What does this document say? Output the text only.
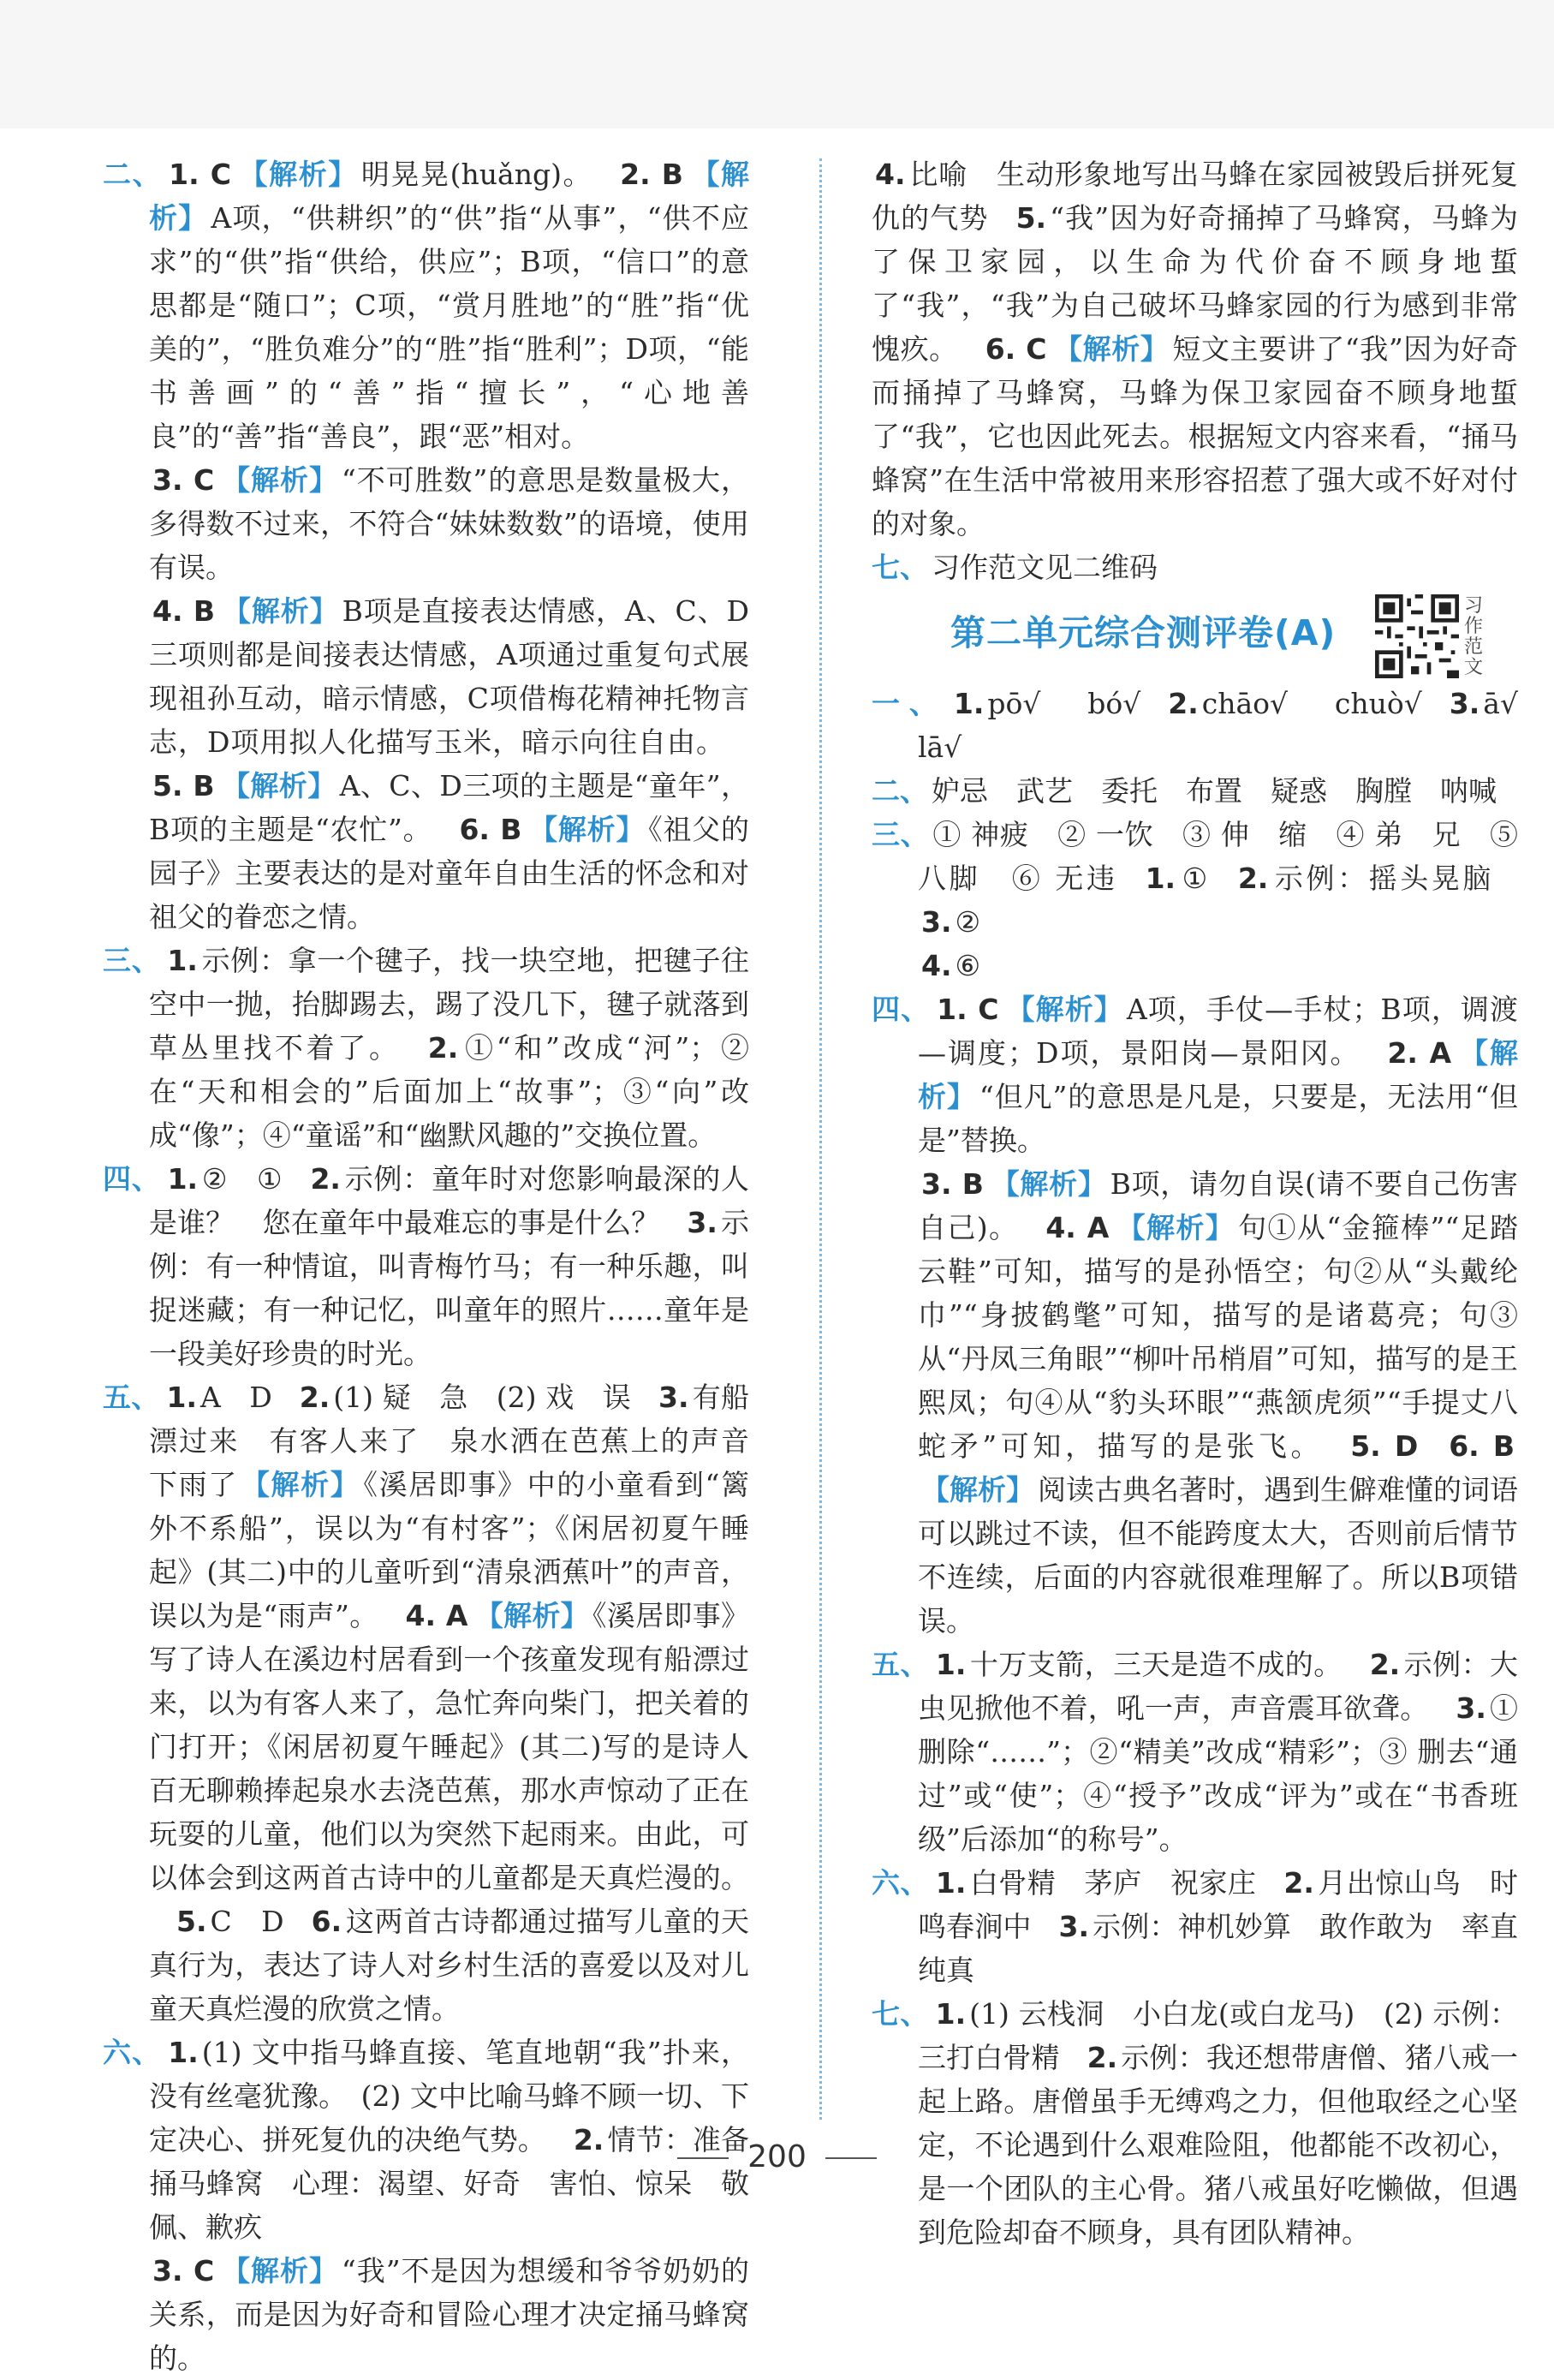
二、 1. C 【解析】 明晃晃(huǎng)。 2. B 【解析】 A项，“供耕织”的“供”指“从事”，“供不应求”的“供”指“供给，供应”；B项，“信口”的意思都是“随口”；C项，“赏月胜地”的“胜”指“优美的”，“胜负难分”的“胜”指“胜利”；D项，“能书善画”的“善”指“擅长”，“心地善良”的“善”指“善良”，跟“恶”相对。
3. C 【解析】 “不可胜数”的意思是数量极大，多得数不过来，不符合“妹妹数数”的语境，使用有误。
4. B 【解析】 B项是直接表达情感，A、C、D三项则都是间接表达情感，A项通过重复句式展现祖孙互动，暗示情感，C项借梅花精神托物言志，D项用拟人化描写玉米，暗示向往自由。5. B 【解析】 A、C、D三项的主题是“童年”，B项的主题是“农忙”。 6. B 【解析】 《祖父的园子》主要表达的是对童年自由生活的怀念和对祖父的眷恋之情。

三、 1. 示例：拿一个毽子，找一块空地，把毽子往空中一抛，抬脚踢去，踢了没几下，毽子就落到草丛里找不着了。 2. ①“和”改成“河”；② 在“天和相会的”后面加上“故事”；③“向”改成“像”；④“童谣”和“幽默风趣的”交换位置。

四、 1. ②　① 2. 示例：童年时对您影响最深的人是谁？　您在童年中最难忘的事是什么？ 3. 示例：有一种情谊，叫青梅竹马；有一种乐趣，叫捉迷藏；有一种记忆，叫童年的照片……童年是一段美好珍贵的时光。

五、 1. A　D 2. (1) 疑　急　(2) 戏　误 3. 有船漂过来　有客人来了　泉水洒在芭蕉上的声音　下雨了 【解析】 《溪居即事》中的小童看到“篱外不系船”，误以为“有村客”；《闲居初夏午睡起》(其二)中的儿童听到“清泉洒蕉叶”的声音，误以为是“雨声”。 4. A 【解析】 《溪居即事》写了诗人在溪边村居看到一个孩童发现有船漂过来，以为有客人来了，急忙奔向柴门，把关着的门打开；《闲居初夏午睡起》(其二)写的是诗人百无聊赖捧起泉水去浇芭蕉，那水声惊动了正在玩耍的儿童，他们以为突然下起雨来。由此，可以体会到这两首古诗中的儿童都是天真烂漫的。5. C　D 6. 这两首古诗都通过描写儿童的天真行为，表达了诗人对乡村生活的喜爱以及对儿童天真烂漫的欣赏之情。

六、 1. (1) 文中指马蜂直接、笔直地朝“我”扑来，没有丝毫犹豫。　(2) 文中比喻马蜂不顾一切、下定决心、拼死复仇的决绝气势。 2. 情节：准备捅马蜂窝　心理：渴望、好奇　害怕、惊呆　敬佩、歉疚
3. C 【解析】 “我”不是因为想缓和爷爷奶奶的关系，而是因为好奇和冒险心理才决定捅马蜂窝的。

4. 比喻　生动形象地写出马蜂在家园被毁后拼死复仇的气势 5. “我”因为好奇捅掉了马蜂窝，马蜂为了保卫家园，以生命为代价奋不顾身地蜇了“我”，“我”为自己破坏马蜂家园的行为感到非常愧疚。 6. C 【解析】 短文主要讲了“我”因为好奇而捅掉了马蜂窝，马蜂为保卫家园奋不顾身地蜇了“我”，它也因此死去。根据短文内容来看，“捅马蜂窝”在生活中常被用来形容招惹了强大或不好对付的对象。

七、 习作范文见二维码

第二单元综合测评卷(A)
习作范文

一、 1. pō√　bó√ 2. chāo√　chuò√ 3. ā√　lā√

二、 妒忌　武艺　委托　布置　疑惑　胸膛　呐喊

三、 ① 神疲　② 一饮　③ 伸　缩　④ 弟　兄　⑤ 八脚　⑥ 无违 1. ① 2. 示例：摇头晃脑3. ②
4. ⑥

四、 1. C 【解析】 A项，手仗—手杖；B项，调渡—调度；D项，景阳岗—景阳冈。 2. A 【解析】 “但凡”的意思是凡是，只要是，无法用“但是”替换。
3. B 【解析】 B项，请勿自误(请不要自己伤害自己)。 4. A 【解析】 句①从“金箍棒”“足踏云鞋”可知，描写的是孙悟空；句②从“头戴纶巾”“身披鹤氅”可知，描写的是诸葛亮；句③从“丹凤三角眼”“柳叶吊梢眉”可知，描写的是王熙凤；句④从“豹头环眼”“燕颔虎须”“手提丈八蛇矛”可知，描写的是张飞。 5. D 6. B【解析】 阅读古典名著时，遇到生僻难懂的词语可以跳过不读，但不能跨度太大，否则前后情节不连续，后面的内容就很难理解了。所以B项错误。

五、 1. 十万支箭，三天是造不成的。 2. 示例：大虫见掀他不着，吼一声，声音震耳欲聋。 3. ① 删除“……”；②“精美”改成“精彩”；③ 删去“通过”或“使”；④“授予”改成“评为”或在“书香班级”后添加“的称号”。

六、 1. 白骨精　茅庐　祝家庄 2. 月出惊山鸟　时鸣春涧中 3. 示例：神机妙算　敢作敢为　率直纯真

七、 1. (1) 云栈洞　小白龙(或白龙马)　(2) 示例：三打白骨精 2. 示例：我还想带唐僧、猪八戒一起上路。唐僧虽手无缚鸡之力，但他取经之心坚定，不论遇到什么艰难险阻，他都能不改初心，是一个团队的主心骨。猪八戒虽好吃懒做，但遇到危险却奋不顾身，具有团队精神。

200
